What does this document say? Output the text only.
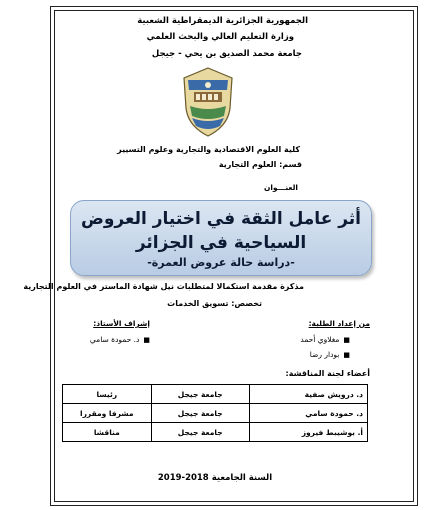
الجمهورية الجزائرية الديمقراطية الشعبية
وزارة التعليم العالي والبحث العلمي
جامعة محمد الصديق بن يحي - جيجل
كلية العلوم الاقتصادية والتجارية وعلوم التسيير
قسم: العلوم التجارية
العنـــوان
أثر عامل الثقة في اختيار العروض
السياحية في الجزائر
-دراسة حالة عروض العمرة-
مذكرة مقدمة استكمالا لمتطلبات نيل شهادة الماستر في العلوم التجارية
تخصص: تسويق الخدمات
من إعداد الطلبة:
إشراف الأستاذ:
■مغلاوي أحمد
■بودار رضا
■د. حمودة سامي
أعضاء لجنة المناقشة:
د. درويش صفية	جامعة جيجل	رئيسا
د. حمودة سامي	جامعة جيجل	مشرفا ومقررا
أ. بوشيبط فيروز	جامعة جيجل	مناقشا
السنة الجامعية 2018-2019
